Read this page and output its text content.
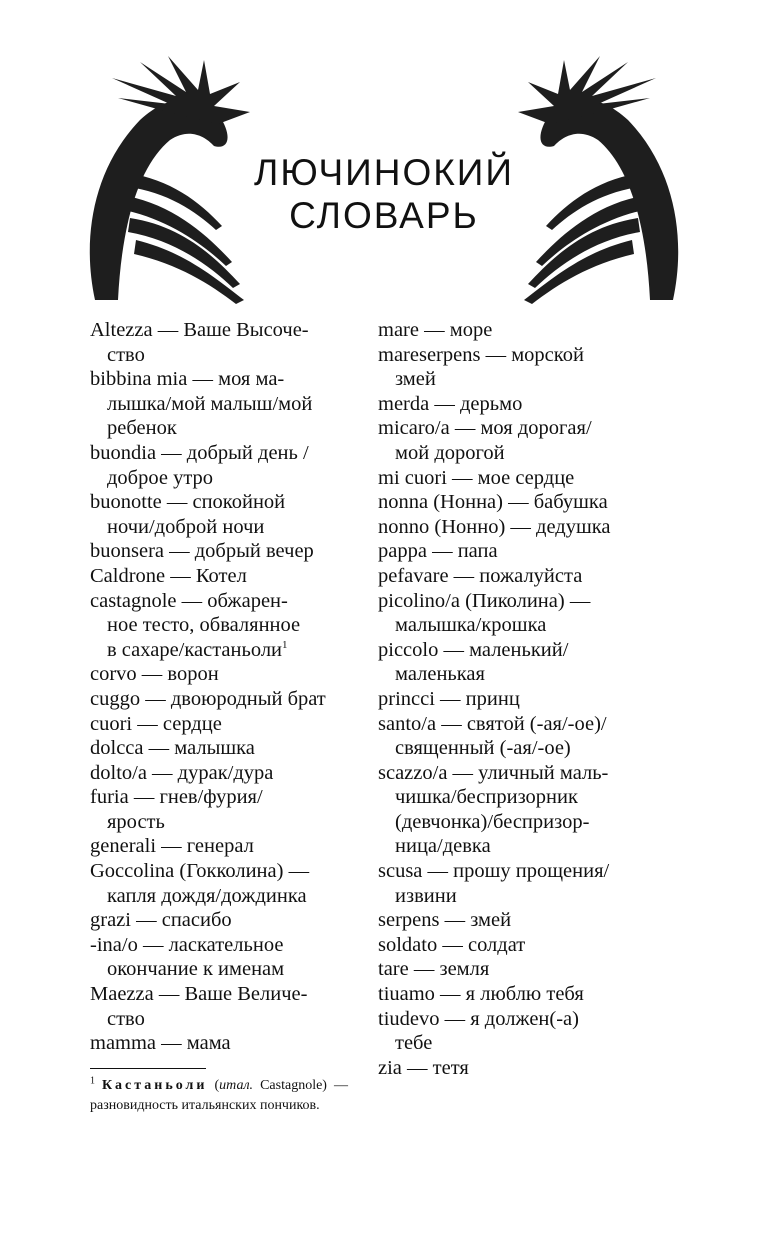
ЛЮЧИНОКИЙ
СЛОВАРЬ
Altezza — Ваше Высоче-
ство
bibbina mia — моя ма-
лышка/мой малыш/мой
ребенок
buondia — добрый день /
доброе утро
buonotte — спокойной
ночи/доброй ночи
buonsera — добрый вечер
Caldrone — Котел
castagnole — обжарен-
ное тесто, обвалянное
в сахаре/кастаньоли$^1$
corvo — ворон
cuggo — двоюродный брат
cuori — сердце
dolcca — малышка
dolto/a — дурак/дура
furia — гнев/фурия/
ярость
generali — генерал
Goccolina (Гокколина) —
капля дождя/дождинка
grazi — спасибо
-ina/o — ласкательное
окончание к именам
Maezza — Ваше Величе-
ство
mamma — мама
mare — море
mareserpens — морской
змей
merda — дерьмо
micaro/a — моя дорогая/
мой дорогой
mi cuori — мое сердце
nonna (Нонна) — бабушка
nonno (Нонно) — дедушка
pappa — папа
pefavare — пожалуйста
picolino/a (Пиколина) —
малышка/крошка
piccolo — маленький/
маленькая
princci — принц
santo/a — святой (-ая/-ое)/
священный (-ая/-ое)
scazzo/a — уличный маль-
чишка/беспризорник
(девчонка)/беспризор-
ница/девка
scusa — прошу прощения/
извини
serpens — змей
soldato — солдат
tare — земля
tiuamo — я люблю тебя
tiudevo — я должен(-а)
тебе
zia — тетя
$^1$ Кастаньоли (итал. Castagnole) — разновидность итальянских пончиков.
